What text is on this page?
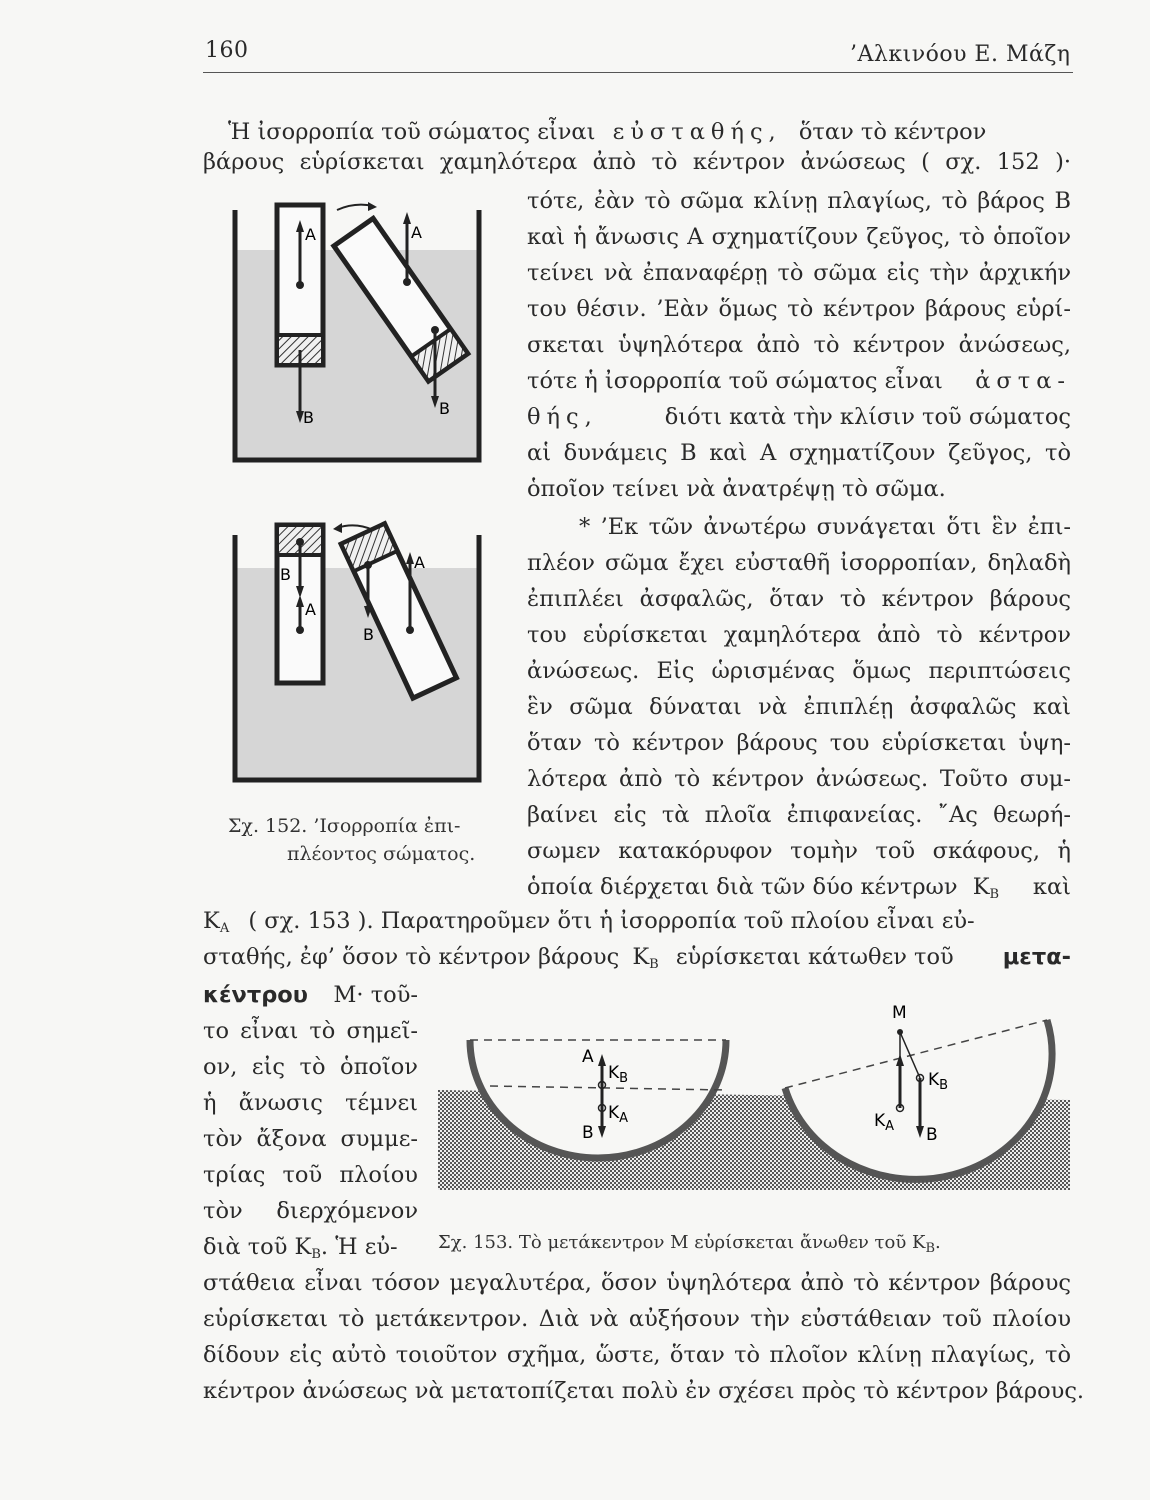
160	’Αλκινόου Ε. Μάζη
Ἡ ἰσορροπία τοῦ σώματος εἶναι εὐσταθής, ὅταν τὸ κέντρον
βάρους εὑρίσκεται χαμηλότερα ἀπὸ τὸ κέντρον ἀνώσεως ( σχ. 152 )·
τότε, ἐὰν τὸ σῶμα κλίνῃ πλαγίως, τὸ βάρος Β
καὶ ἡ ἄνωσις Α σχηματίζουν ζεῦγος, τὸ ὁποῖον
τείνει νὰ ἐπαναφέρῃ τὸ σῶμα εἰς τὴν ἀρχικήν
του θέσιν. ’Εὰν ὅμως τὸ κέντρον βάρους εὑρί-
σκεται ὑψηλότερα ἀπὸ τὸ κέντρον ἀνώσεως,
τότε ἡ ἰσορροπία τοῦ σώματος εἶναι ἀστα-
θής,	διότι κατὰ τὴν κλίσιν τοῦ σώματος
αἱ δυνάμεις Β καὶ Α σχηματίζουν ζεῦγος, τὸ
ὁποῖον τείνει νὰ ἀνατρέψῃ τὸ σῶμα.
* ’Εκ τῶν ἀνωτέρω συνάγεται ὅτι ἓν ἐπι-
πλέον σῶμα ἔχει εὐσταθῆ ἰσορροπίαν, δηλαδὴ
ἐπιπλέει ἀσφαλῶς, ὅταν τὸ κέντρον βάρους
του εὑρίσκεται χαμηλότερα ἀπὸ τὸ κέντρον
ἀνώσεως. Εἰς ὡρισμένας ὅμως περιπτώσεις
ἓν σῶμα δύναται νὰ ἐπιπλέῃ ἀσφαλῶς καὶ
ὅταν τὸ κέντρον βάρους του εὑρίσκεται ὑψη-
λότερα ἀπὸ τὸ κέντρον ἀνώσεως. Τοῦτο συμ-
βαίνει εἰς τὰ πλοῖα ἐπιφανείας. ῎Ας θεωρή-
σωμεν κατακόρυφον τομὴν τοῦ σκάφους, ἡ
ὁποία διέρχεται διὰ τῶν δύο κέντρων $K_B$ καὶ
$K_A$ ( σχ. 153 ). Παρατηροῦμεν ὅτι ἡ ἰσορροπία τοῦ πλοίου εἶναι εὐ-
σταθής, ἐφ’ ὅσον τὸ κέντρον βάρους $K_B$ εὑρίσκεται κάτωθεν τοῦ μετα-
κέντρου Μ· τοῦ-
το εἶναι τὸ σημεῖ-
ον, εἰς τὸ ὁποῖον
ἡ ἄνωσις τέμνει
τὸν ἄξονα συμμε-
τρίας τοῦ πλοίου
τὸν διερχόμενον
διὰ τοῦ $K_B$. Ἡ εὐ-
στάθεια εἶναι τόσον μεγαλυτέρα, ὅσον ὑψηλότερα ἀπὸ τὸ κέντρον βάρους
εὑρίσκεται τὸ μετάκεντρον. Διὰ νὰ αὐξήσουν τὴν εὐστάθειαν τοῦ πλοίου
δίδουν εἰς αὐτὸ τοιοῦτον σχῆμα, ὥστε, ὅταν τὸ πλοῖον κλίνῃ πλαγίως, τὸ
κέντρον ἀνώσεως νὰ μετατοπίζεται πολὺ ἐν σχέσει πρὸς τὸ κέντρον βάρους.
A
B
A
B
B
A
A
B
Σχ. 152. ’Ισορροπία ἐπι-
πλέοντος σώματος.
A
$K_B$
$K_A$
B
M
$K_B$
$K_A$ B
Σχ. 153. Τὸ μετάκεντρον Μ εὑρίσκεται ἄνωθεν τοῦ $K_B$.
